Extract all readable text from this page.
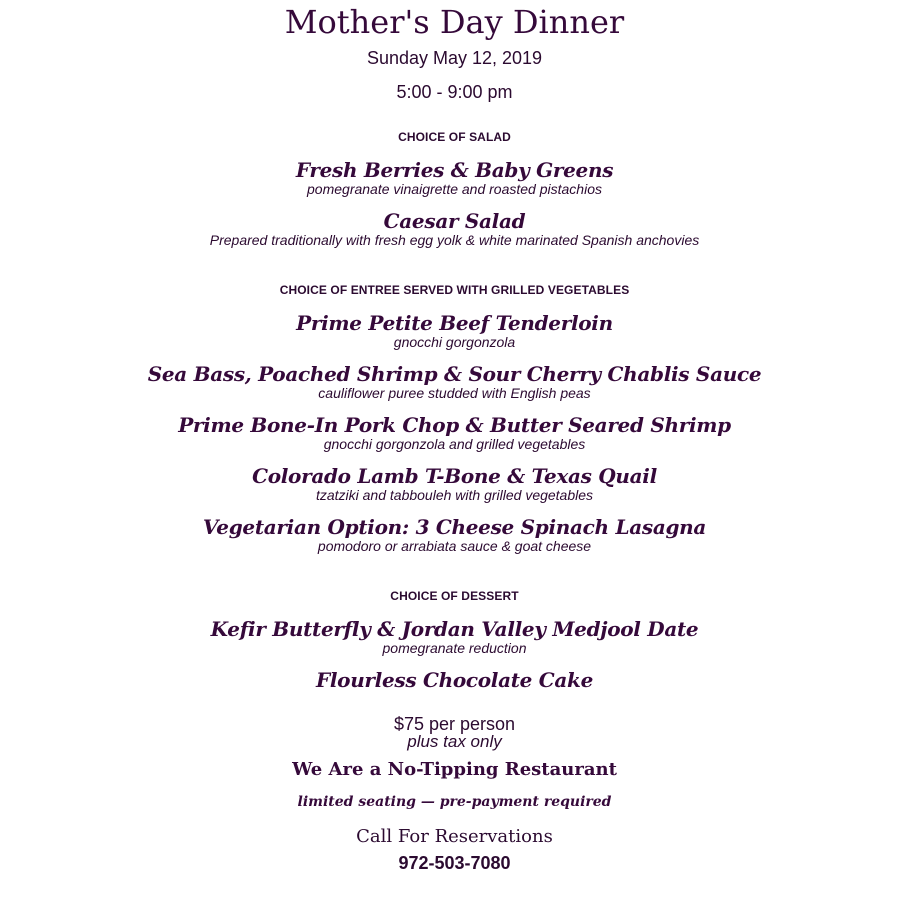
Mother's Day Dinner
Sunday May 12, 2019
5:00 - 9:00 pm
CHOICE OF SALAD
Fresh Berries & Baby Greens
pomegranate vinaigrette and roasted pistachios
Caesar Salad
Prepared traditionally with fresh egg yolk & white marinated Spanish anchovies
CHOICE OF ENTREE SERVED WITH GRILLED VEGETABLES
Prime Petite Beef Tenderloin
gnocchi gorgonzola
Sea Bass, Poached Shrimp & Sour Cherry Chablis Sauce
cauliflower puree studded with English peas
Prime Bone-In Pork Chop & Butter Seared Shrimp
gnocchi gorgonzola and grilled vegetables
Colorado Lamb T-Bone & Texas Quail
tzatziki and tabbouleh with grilled vegetables
Vegetarian Option: 3 Cheese Spinach Lasagna
pomodoro or arrabiata sauce & goat cheese
CHOICE OF DESSERT
Kefir Butterfly & Jordan Valley Medjool Date
pomegranate reduction
Flourless Chocolate Cake
$75 per person
plus tax only
We Are a No-Tipping Restaurant
limited seating — pre-payment required
Call For Reservations
972-503-7080
